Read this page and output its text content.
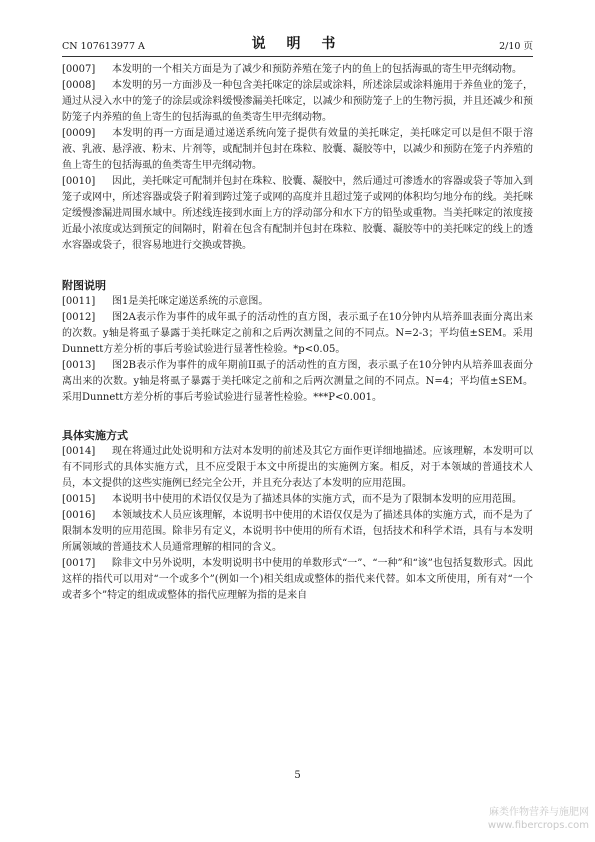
CN 107613977 A	说 明 书	2/10 页

[0007] 本发明的一个相关方面是为了减少和预防养殖在笼子内的鱼上的包括海虱的寄生甲壳纲动物。

[0008] 本发明的另一方面涉及一种包含美托咪定的涂层或涂料，所述涂层或涂料施用于养鱼业的笼子，通过从浸入水中的笼子的涂层或涂料缓慢渗漏美托咪定，以减少和预防笼子上的生物污损，并且还减少和预防笼子内养殖的鱼上寄生的包括海虱的鱼类寄生甲壳纲动物。

[0009] 本发明的再一方面是通过递送系统向笼子提供有效量的美托咪定，美托咪定可以是但不限于溶液、乳液、悬浮液、粉末、片剂等，或配制并包封在珠粒、胶囊、凝胶等中，以减少和预防在笼子内养殖的鱼上寄生的包括海虱的鱼类寄生甲壳纲动物。

[0010] 因此，美托咪定可配制并包封在珠粒、胶囊、凝胶中，然后通过可渗透水的容器或袋子等加入到笼子或网中，所述容器或袋子附着到跨过笼子或网的高度并且超过笼子或网的体积均匀地分布的线。美托咪定缓慢渗漏进周围水域中。所述线连接到水面上方的浮动部分和水下方的铅坠或重物。当美托咪定的浓度接近最小浓度或达到预定的间隔时，附着在包含有配制并包封在珠粒、胶囊、凝胶等中的美托咪定的线上的透水容器或袋子，很容易地进行交换或替换。

附图说明

[0011] 图1是美托咪定递送系统的示意图。

[0012] 图2A表示作为事件的成年虱子的活动性的直方图，表示虱子在10分钟内从培养皿表面分离出来的次数。y轴是将虱子暴露于美托咪定之前和之后两次测量之间的不同点。N=2-3；平均值±SEM。采用Dunnett方差分析的事后考验试验进行显著性检验。*p<0.05。

[0013] 图2B表示作为事件的成年期前II虱子的活动性的直方图，表示虱子在10分钟内从培养皿表面分离出来的次数。y轴是将虱子暴露于美托咪定之前和之后两次测量之间的不同点。N=4；平均值±SEM。采用Dunnett方差分析的事后考验试验进行显著性检验。***P<0.001。

具体实施方式

[0014] 现在将通过此处说明和方法对本发明的前述及其它方面作更详细地描述。应该理解，本发明可以有不同形式的具体实施方式，且不应受限于本文中所提出的实施例方案。相反，对于本领域的普通技术人员，本文提供的这些实施例已经完全公开，并且充分表达了本发明的应用范围。

[0015] 本说明书中使用的术语仅仅是为了描述具体的实施方式，而不是为了限制本发明的应用范围。

[0016] 本领域技术人员应该理解，本说明书中使用的术语仅仅是为了描述具体的实施方式，而不是为了限制本发明的应用范围。除非另有定义，本说明书中使用的所有术语，包括技术和科学术语，具有与本发明所属领域的普通技术人员通常理解的相同的含义。

[0017] 除非文中另外说明，本发明说明书中使用的单数形式“一”、“一种”和“该”也包括复数形式。因此这样的指代可以用对“一个或多个”(例如一个)相关组成或整体的指代来代替。如本文所使用，所有对“一个或者多个”特定的组成或整体的指代应理解为指的是来自

5
麻类作物营养与施肥网
www.fibercrops.com
